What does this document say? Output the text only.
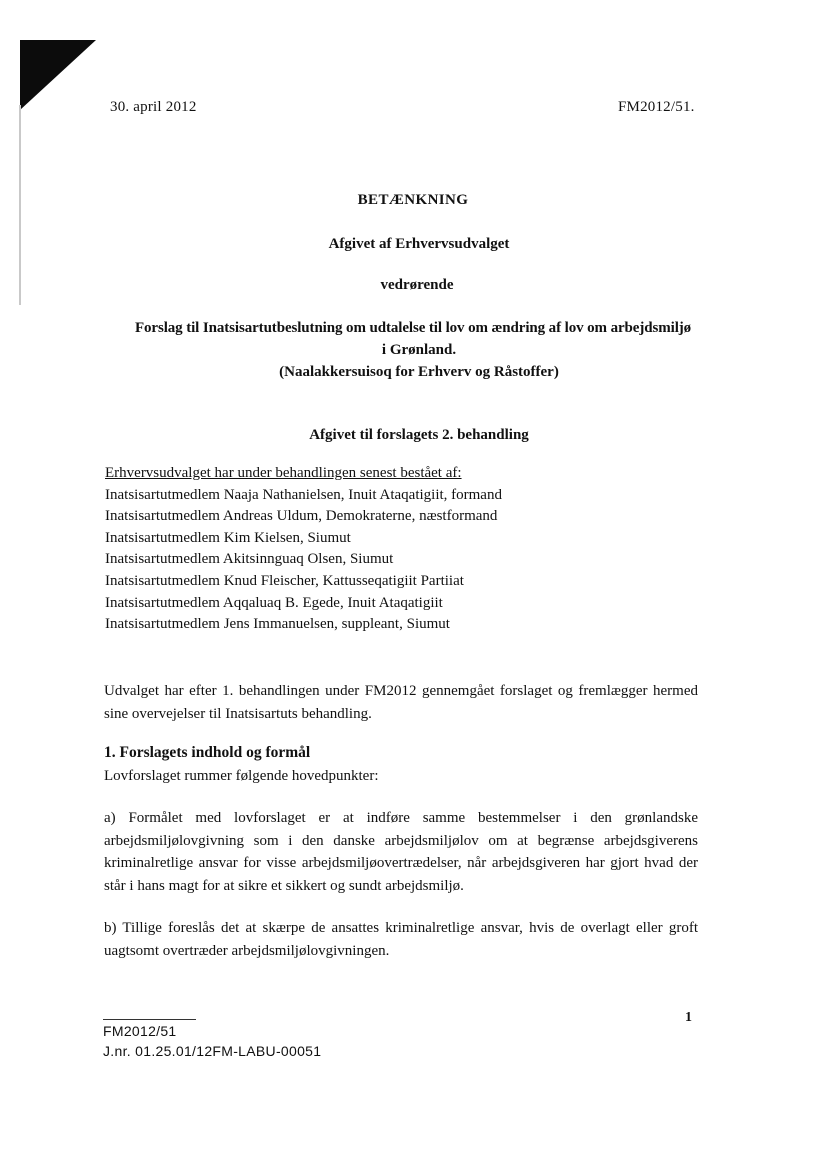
30. april 2012	FM2012/51.
BETÆNKNING
Afgivet af Erhvervsudvalget
vedrørende
Forslag til Inatsisartutbeslutning om udtalelse til lov om ændring af lov om arbejdsmiljø
i Grønland.
(Naalakkersuisoq for Erhverv og Råstoffer)
Afgivet til forslagets 2. behandling
Erhvervsudvalget har under behandlingen senest bestået af:
Inatsisartutmedlem Naaja Nathanielsen, Inuit Ataqatigiit, formand
Inatsisartutmedlem Andreas Uldum, Demokraterne, næstformand
Inatsisartutmedlem Kim Kielsen, Siumut
Inatsisartutmedlem Akitsinnguaq Olsen, Siumut
Inatsisartutmedlem Knud Fleischer, Kattusseqatigiit Partiiat
Inatsisartutmedlem Aqqaluaq B. Egede, Inuit Ataqatigiit
Inatsisartutmedlem Jens Immanuelsen, suppleant, Siumut
Udvalget har efter 1. behandlingen under FM2012 gennemgået forslaget og fremlægger hermed sine overvejelser til Inatsisartuts behandling.
1. Forslagets indhold og formål
Lovforslaget rummer følgende hovedpunkter:
a) Formålet med lovforslaget er at indføre samme bestemmelser i den grønlandske arbejdsmiljølovgivning som i den danske arbejdsmiljølov om at begrænse arbejdsgiverens kriminalretlige ansvar for visse arbejdsmiljøovertrædelser, når arbejdsgiveren har gjort hvad der står i hans magt for at sikre et sikkert og sundt arbejdsmiljø.
b) Tillige foreslås det at skærpe de ansattes kriminalretlige ansvar, hvis de overlagt eller groft uagtsomt overtræder arbejdsmiljølovgivningen.
FM2012/51
J.nr. 01.25.01/12FM-LABU-00051
1
